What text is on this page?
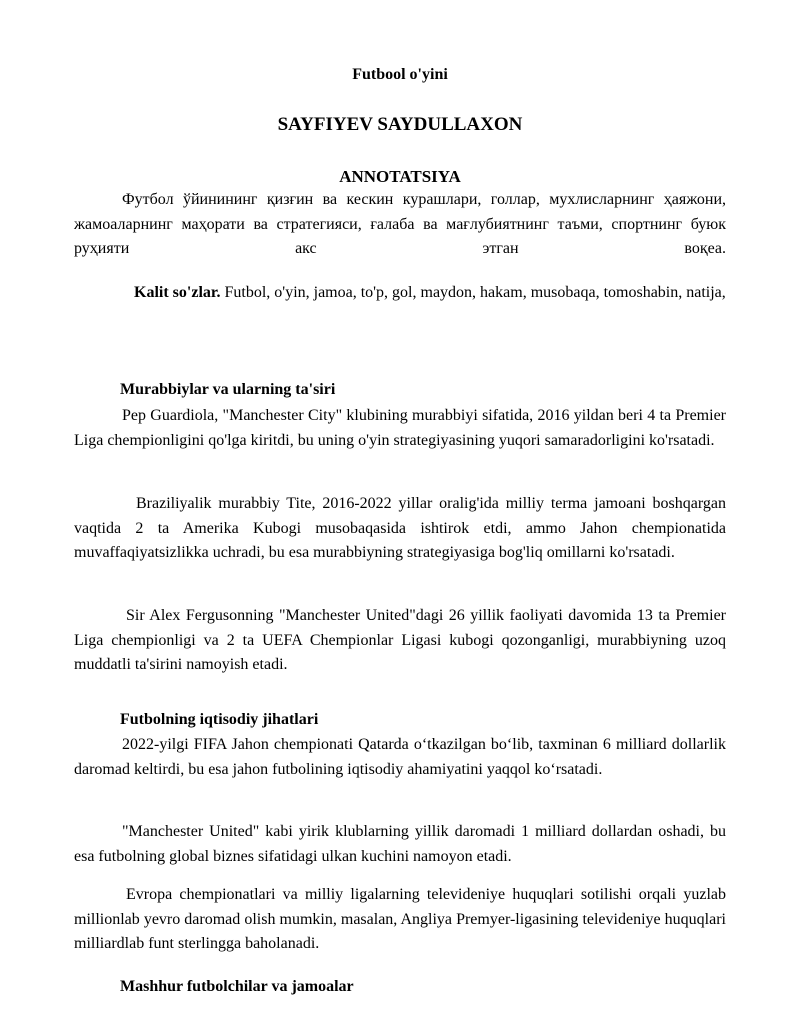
Futbool o'yini
SAYFIYEV SAYDULLAXON
ANNOTATSIYA

Футбол ўйинининг қизғин ва кескин курашлари, голлар, мухлисларнинг ҳаяжони, жамоаларнинг маҳорати ва стратегияси, ғалаба ва мағлубиятнинг таъми, спортнинг буюк руҳияти акс этган воқеа.

Kalit so'zlar. Futbol, o'yin, jamoa, to'p, gol, maydon, hakam, musobaqa, tomoshabin, natija,

Murabbiylar va ularning ta'siri

Pep Guardiola, "Manchester City" klubining murabbiyi sifatida, 2016 yildan beri 4 ta Premier Liga chempionligini qo'lga kiritdi, bu uning o'yin strategiyasining yuqori samaradorligini ko'rsatadi.

Braziliyalik murabbiy Tite, 2016-2022 yillar oralig'ida milliy terma jamoani boshqargan vaqtida 2 ta Amerika Kubogi musobaqasida ishtirok etdi, ammo Jahon chempionatida muvaffaqiyatsizlikka uchradi, bu esa murabbiyning strategiyasiga bog'liq omillarni ko'rsatadi.

Sir Alex Fergusonning "Manchester United"dagi 26 yillik faoliyati davomida 13 ta Premier Liga chempionligi va 2 ta UEFA Chempionlar Ligasi kubogi qozonganligi, murabbiyning uzoq muddatli ta'sirini namoyish etadi.

Futbolning iqtisodiy jihatlari

2022-yilgi FIFA Jahon chempionati Qatarda oʻtkazilgan boʻlib, taxminan 6 milliard dollarlik daromad keltirdi, bu esa jahon futbolining iqtisodiy ahamiyatini yaqqol koʻrsatadi.

"Manchester United" kabi yirik klublarning yillik daromadi 1 milliard dollardan oshadi, bu esa futbolning global biznes sifatidagi ulkan kuchini namoyon etadi.

Evropa chempionatlari va milliy ligalarning televideniye huquqlari sotilishi orqali yuzlab millionlab yevro daromad olish mumkin, masalan, Angliya Premyer-ligasining televideniye huquqlari milliardlab funt sterlingga baholanadi.

Mashhur futbolchilar va jamoalar
